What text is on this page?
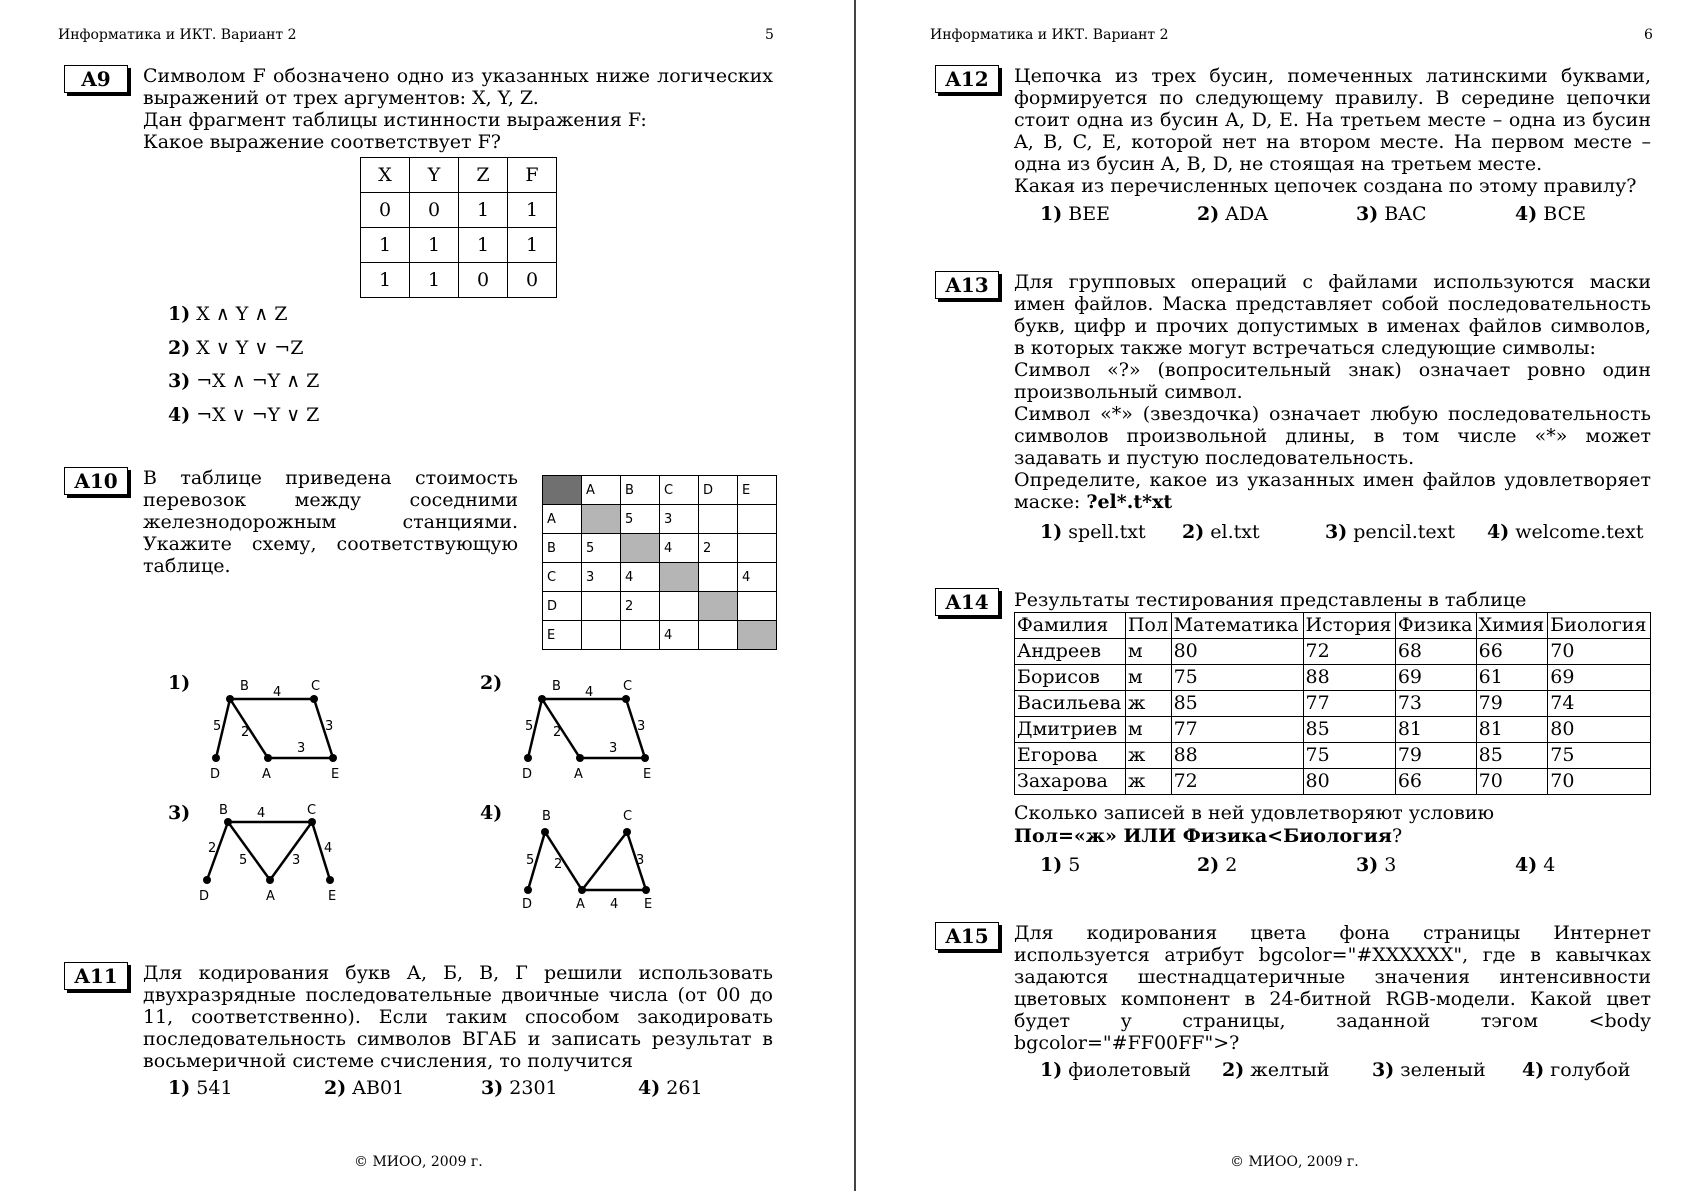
Информатика и ИКТ. Вариант 2	5
A9	Символом F обозначено одно из указанных ниже логических
выражений от трех аргументов: X, Y, Z.
Дан фрагмент таблицы истинности выражения F:
Какое выражение соответствует F?
X	Y	Z	F
0	0	1	1
1	1	1	1
1	1	0	0
1) X ∧ Y ∧ Z
2) X ∨ Y ∨ ¬Z
3) ¬X ∧ ¬Y ∧ Z
4) ¬X ∨ ¬Y ∨ Z
A10	В таблице приведена стоимость
перевозок между соседними
железнодорожным станциями.
Укажите схему, соответствующую
таблице.
	A	B	C	D	E
A		5	3		
B	5		4	2	
C	3	4			4
D		2			
E			4		
1)	2)
3)	4)
B	C
D	A	E
4
5 2
3
3
B	C
D	A	E
4
5 2
3
3
B	C
D	A	E
4
2
5	3
4
B	C
D	A	E
5 2	3
4
A11	Для кодирования букв А, Б, В, Г решили использовать
двухразрядные последовательные двоичные числа (от 00 до
11, соответственно). Если таким способом закодировать
последовательность символов ВГАБ и записать результат в
восьмеричной системе счисления, то получится
1) 541	2) AB01	3) 2301	4) 261
© МИОО, 2009 г.
Информатика и ИКТ. Вариант 2	6
A12	Цепочка из трех бусин, помеченных латинскими буквами,
формируется по следующему правилу. В середине цепочки
стоит одна из бусин A, D, E. На третьем месте – одна из бусин
A, B, C, E, которой нет на втором месте. На первом месте –
одна из бусин A, B, D, не стоящая на третьем месте.
Какая из перечисленных цепочек создана по этому правилу?
1) BEE	2) ADA	3) BAC	4) BCE
A13	Для групповых операций с файлами используются маски
имен файлов. Маска представляет собой последовательность
букв, цифр и прочих допустимых в именах файлов символов,
в которых также могут встречаться следующие символы:
Символ «?» (вопросительный знак) означает ровно один
произвольный символ.
Символ «*» (звездочка) означает любую последовательность
символов произвольной длины, в том числе «*» может
задавать и пустую последовательность.
Определите, какое из указанных имен файлов удовлетворяет
маске: ?el*.t*xt
1) spell.txt 2) el.txt	3) pencil.text 4) welcome.text
A14	Результаты тестирования представлены в таблице
Фамилия	Пол	Математика	История	Физика	Химия	Биология
Андреев	м	80	72	68	66	70
Борисов	м	75	88	69	61	69
Васильева	ж	85	77	73	79	74
Дмитриев	м	77	85	81	81	80
Егорова	ж	88	75	79	85	75
Захарова	ж	72	80	66	70	70
Сколько записей в ней удовлетворяют условию
Пол=«ж» ИЛИ Физика<Биология?
1) 5	2) 2	3) 3	4) 4
A15	Для кодирования цвета фона страницы Интернет
используется атрибут bgcolor="#XXXXXX", где в кавычках
задаются шестнадцатеричные значения интенсивности
цветовых компонент в 24-битной RGB-модели. Какой цвет
будет у страницы, заданной тэгом <body
bgcolor="#FF00FF">?
1) фиолетовый 2) желтый 3) зеленый 4) голубой
© МИОО, 2009 г.
